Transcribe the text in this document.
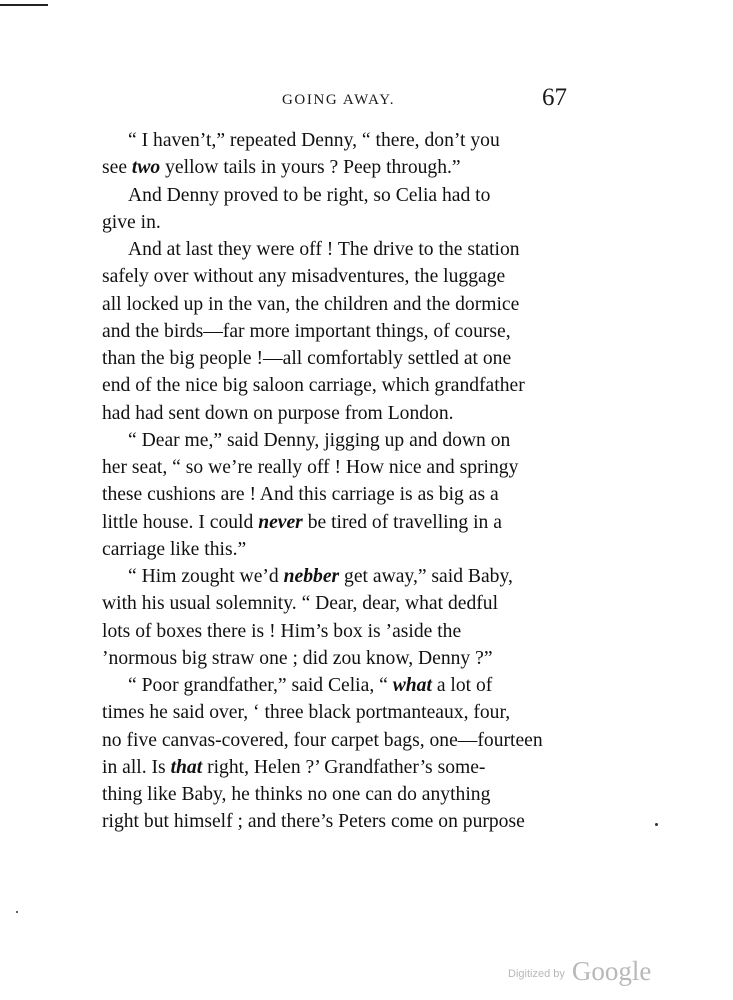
GOING AWAY.	67
“ I haven’t,” repeated Denny, “ there, don’t you
see two yellow tails in yours ? Peep through.”
And Denny proved to be right, so Celia had to
give in.
And at last they were off ! The drive to the station
safely over without any misadventures, the luggage
all locked up in the van, the children and the dormice
and the birds—far more important things, of course,
than the big people !—all comfortably settled at one
end of the nice big saloon carriage, which grandfather
had had sent down on purpose from London.
“ Dear me,” said Denny, jigging up and down on
her seat, “ so we’re really off ! How nice and springy
these cushions are ! And this carriage is as big as a
little house. I could never be tired of travelling in a
carriage like this.”
“ Him zought we’d nebber get away,” said Baby,
with his usual solemnity. “ Dear, dear, what dedful
lots of boxes there is ! Him’s box is ’aside the
’normous big straw one ; did zou know, Denny ?”
“ Poor grandfather,” said Celia, “ what a lot of
times he said over, ‘ three black portmanteaux, four,
no five canvas-covered, four carpet bags, one—fourteen
in all. Is that right, Helen ?’ Grandfather’s some-
thing like Baby, he thinks no one can do anything
right but himself ; and there’s Peters come on purpose
Digitized by Google
